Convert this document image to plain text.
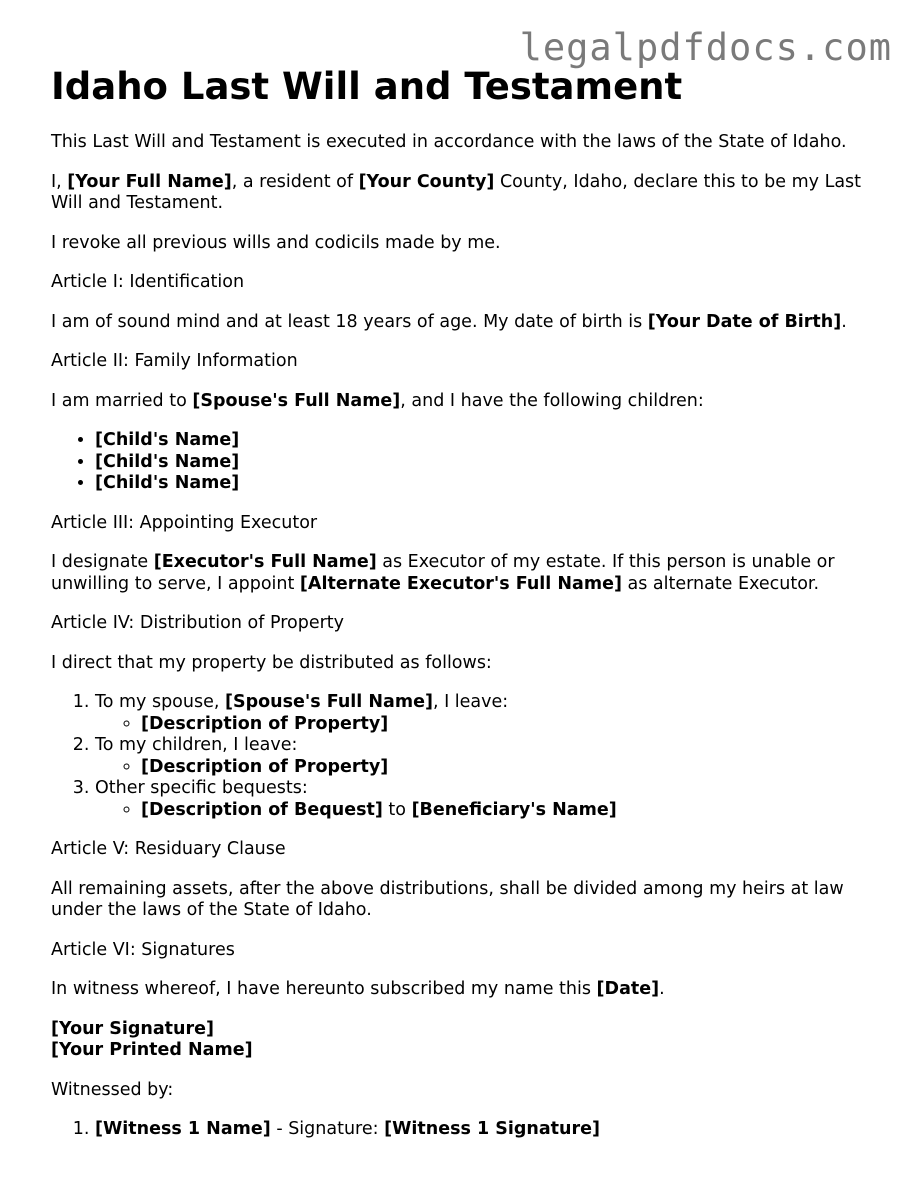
legalpdfdocs.com
Idaho Last Will and Testament

This Last Will and Testament is executed in accordance with the laws of the State of Idaho.

I, [Your Full Name], a resident of [Your County] County, Idaho, declare this to be my Last Will and Testament.

I revoke all previous wills and codicils made by me.

Article I: Identification

I am of sound mind and at least 18 years of age. My date of birth is [Your Date of Birth].

Article II: Family Information

I am married to [Spouse's Full Name], and I have the following children:

• [Child's Name]
• [Child's Name]
• [Child's Name]

Article III: Appointing Executor

I designate [Executor's Full Name] as Executor of my estate. If this person is unable or unwilling to serve, I appoint [Alternate Executor's Full Name] as alternate Executor.

Article IV: Distribution of Property

I direct that my property be distributed as follows:

1. To my spouse, [Spouse's Full Name], I leave:
◦ [Description of Property]
2. To my children, I leave:
◦ [Description of Property]
3. Other specific bequests:
◦ [Description of Bequest] to [Beneficiary's Name]

Article V: Residuary Clause

All remaining assets, after the above distributions, shall be divided among my heirs at law under the laws of the State of Idaho.

Article VI: Signatures

In witness whereof, I have hereunto subscribed my name this [Date].

[Your Signature]
[Your Printed Name]

Witnessed by:

1. [Witness 1 Name] - Signature: [Witness 1 Signature]
